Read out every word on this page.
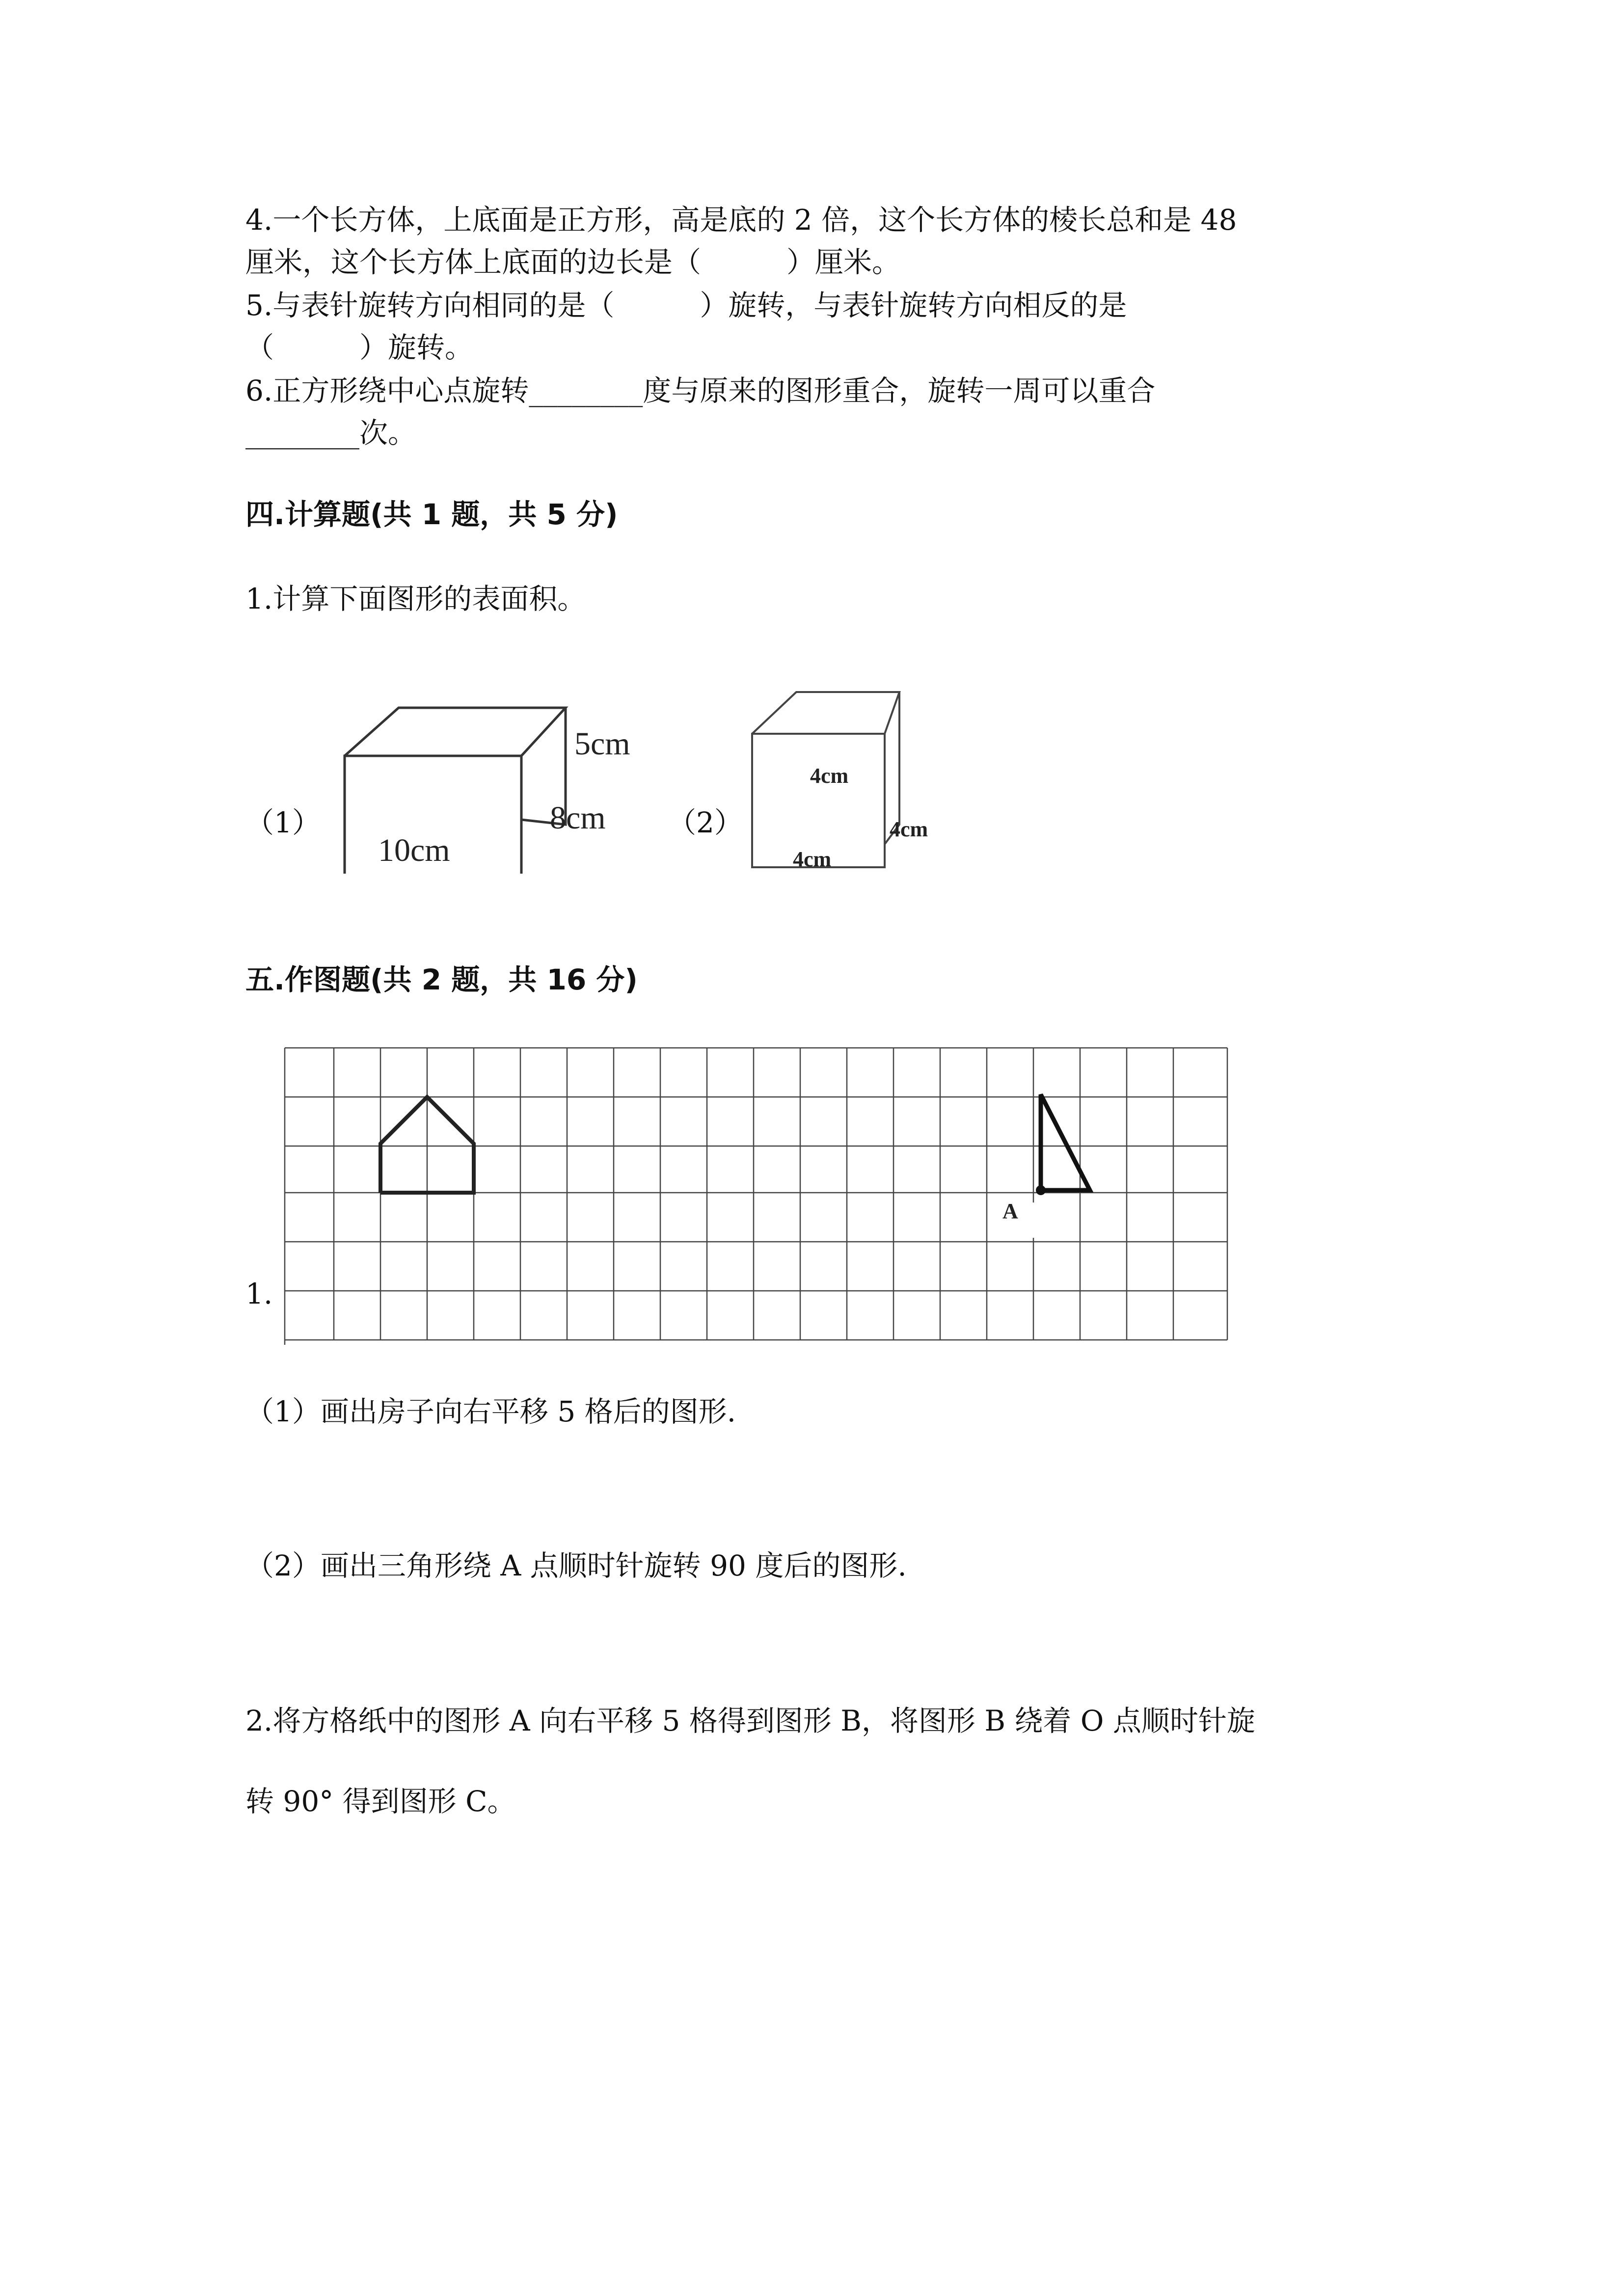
4.一个长方体，上底面是正方形，高是底的 2 倍，这个长方体的棱长总和是 48
厘米，这个长方体上底面的边长是（　　　）厘米。
5.与表针旋转方向相同的是（　　　）旋转，与表针旋转方向相反的是
（　　　）旋转。
6.正方形绕中心点旋转________度与原来的图形重合，旋转一周可以重合
________次。
四.计算题(共 1 题，共 5 分)
1.计算下面图形的表面积。
（1）
5cm
8cm
10cm
（2）
4cm
4cm
4cm
五.作图题(共 2 题，共 16 分)
1.
A
（1）画出房子向右平移 5 格后的图形.
（2）画出三角形绕 A 点顺时针旋转 90 度后的图形.
2.将方格纸中的图形 A 向右平移 5 格得到图形 B，将图形 B 绕着 O 点顺时针旋
转 90° 得到图形 C。
